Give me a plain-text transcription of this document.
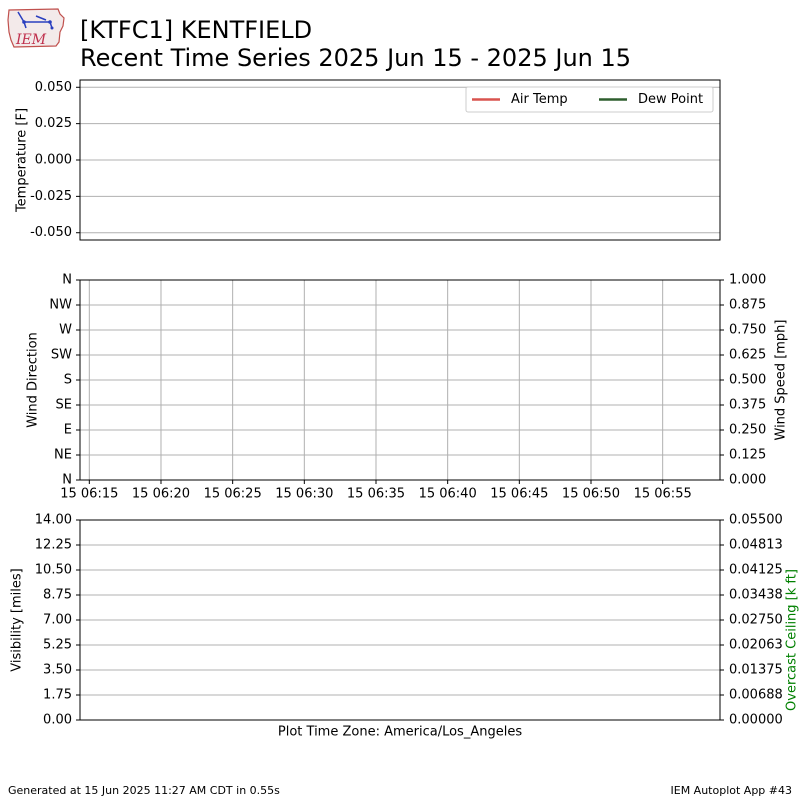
IEM [KTFC1] KENTFIELD
Recent Time Series 2025 Jun 15 - 2025 Jun 15
0.050
0.025
0.000
-0.025
-0.050
Temperature [F]
Air Temp	Dew Point
N
NW
W
SW
S
SE
E
NE
N
1.000
0.875
0.750
0.625
0.500
0.375
0.250
0.125
0.000
15 06:15 15 06:20 15 06:25 15 06:30 15 06:35 15 06:40 15 06:45 15 06:50 15 06:55
Wind Direction	Wind Speed [mph]
14.00
12.25
10.50
8.75
7.00
5.25
3.50
1.75
0.00
0.05500
0.04813
0.04125
0.03438
0.02750
0.02063
0.01375
0.00688
0.00000
Visibility [miles]	Overcast Ceiling [k ft]
Plot Time Zone: America/Los_Angeles
Generated at 15 Jun 2025 11:27 AM CDT in 0.55s	IEM Autoplot App #43
